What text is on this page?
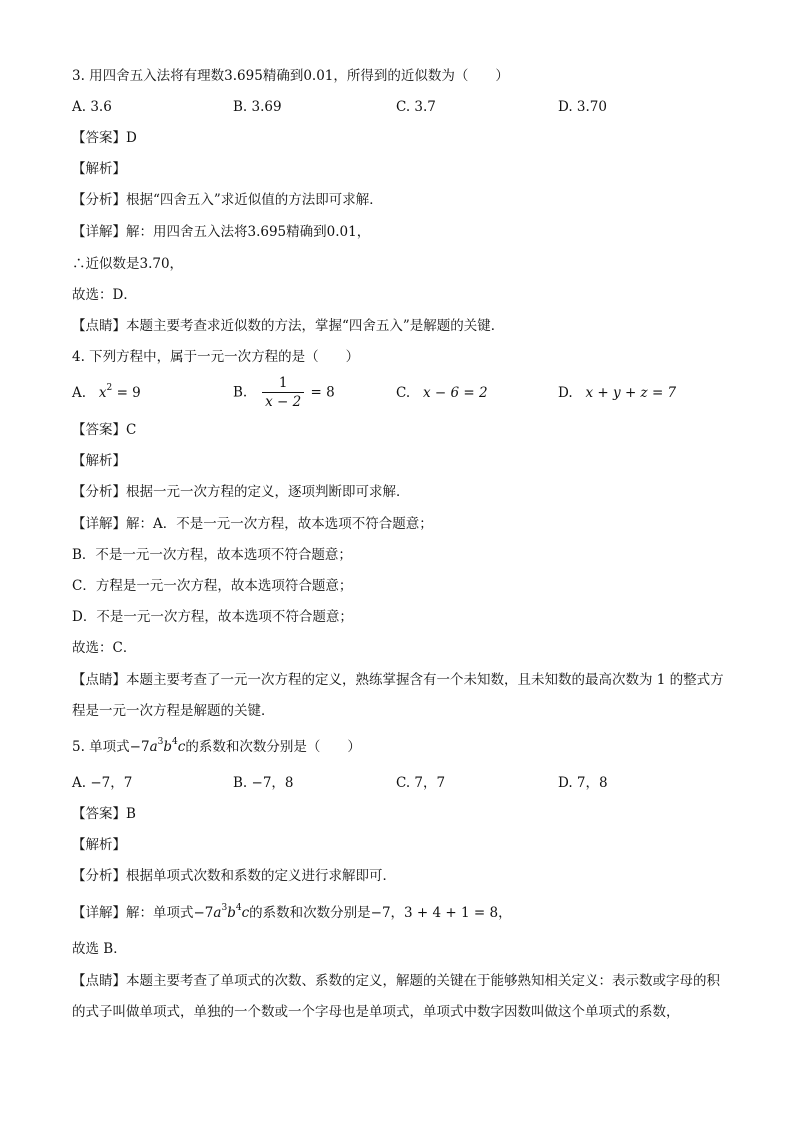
3. 用四舍五入法将有理数3.695精确到0.01，所得到的近似数为（　　）
A. 3.6	B. 3.69	C. 3.7	D. 3.70
【答案】D
【解析】
【分析】根据“四舍五入”求近似值的方法即可求解．
【详解】解：用四舍五入法将3.695精确到0.01，
∴近似数是3.70，
故选：D．
【点睛】本题主要考查求近似数的方法，掌握“四舍五入”是解题的关键．
4. 下列方程中，属于一元一次方程的是（　　）
A. $x^2 = 9$	B. $\frac{1}{x - 2} = 8$	C. x − 6 = 2	D. x + y + z = 7
【答案】C
【解析】
【分析】根据一元一次方程的定义，逐项判断即可求解．
【详解】解：A．不是一元一次方程，故本选项不符合题意；
B．不是一元一次方程，故本选项不符合题意；
C．方程是一元一次方程，故本选项符合题意；
D．不是一元一次方程，故本选项不符合题意；
故选：C．
【点睛】本题主要考查了一元一次方程的定义，熟练掌握含有一个未知数，且未知数的最高次数为 1 的整式方程是一元一次方程是解题的关键．
5. 单项式$-7a^3b^4c$的系数和次数分别是（　　）
A. −7，7	B. −7，8	C. 7，7	D. 7，8
【答案】B
【解析】
【分析】根据单项式次数和系数的定义进行求解即可．
【详解】解：单项式$-7a^3b^4c$的系数和次数分别是−7，3 + 4 + 1 = 8，
故选 B．
【点睛】本题主要考查了单项式的次数、系数的定义，解题的关键在于能够熟知相关定义：表示数或字母的积的式子叫做单项式，单独的一个数或一个字母也是单项式，单项式中数字因数叫做这个单项式的系数，
